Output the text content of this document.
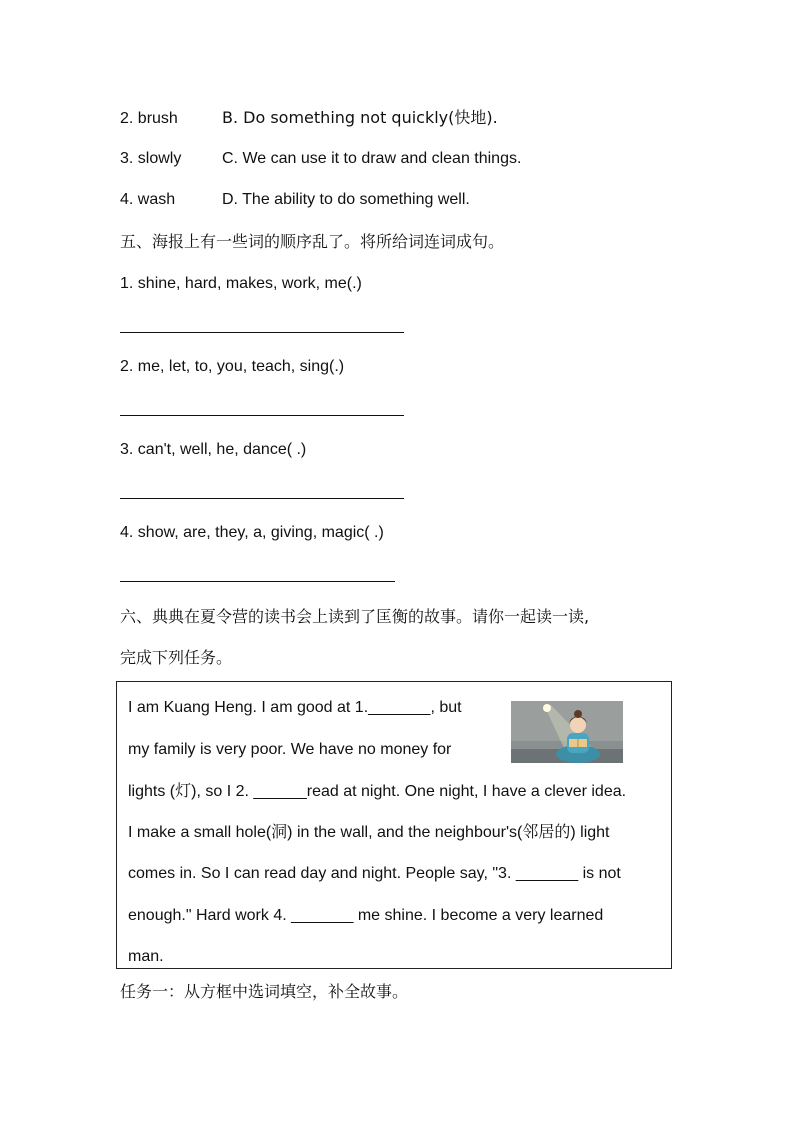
2. brush	B. Do something not quickly(快地).
3. slowly	C. We can use it to draw and clean things.
4. wash	D. The ability to do something well.
五、海报上有一些词的顺序乱了。将所给词连词成句。
1. shine, hard, makes, work, me(.)
2. me, let, to, you, teach, sing(.)
3. can't, well, he, dance( .)
4. show, are, they, a, giving, magic( .)
六、典典在夏令营的读书会上读到了匡衡的故事。请你一起读一读,
完成下列任务。
I am Kuang Heng. I am good at 1._______, but
my family is very poor. We have no money for
lights (灯), so I 2. ______read at night. One night, I have a clever idea.
I make a small hole(洞) in the wall, and the neighbour's(邻居的) light
comes in. So I can read day and night. People say, "3. _______ is not
enough." Hard work 4. _______ me shine. I become a very learned
man.
任务一：从方框中选词填空，补全故事。
